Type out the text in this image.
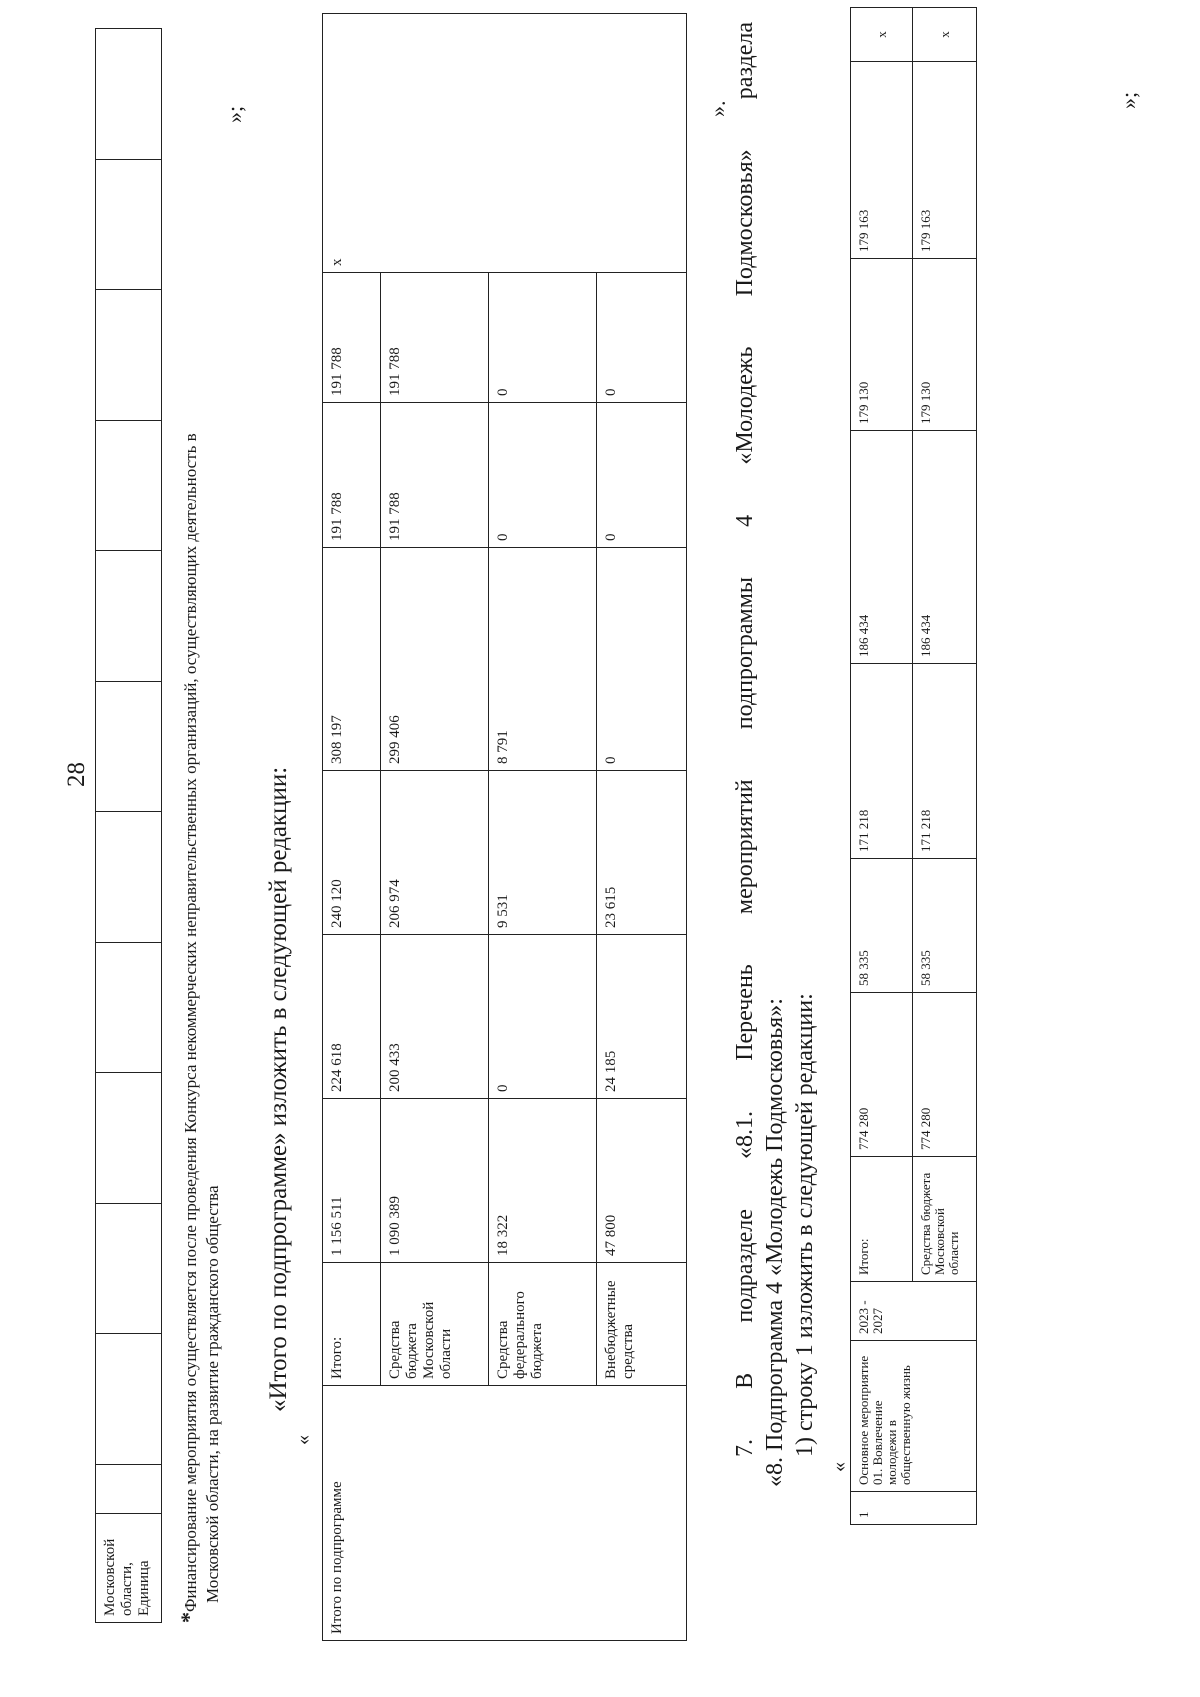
Московской области, Единица												
28
*Финансирование мероприятия осуществляется после проведения Конкурса некоммерческих неправительственных организаций, осуществляющих деятельность в Московской области, на развитие гражданского общества
»;
«Итого по подпрограмме» изложить в следующей редакции:
«
Итого по подпрограмме	Итого:	1 156 511	224 618	240 120	308 197	191 788	191 788	x
	Средства бюджета Московской области	1 090 389	200 433	206 974	299 406	191 788	191 788	
	Средства федерального бюджета	18 322	0	9 531	8 791	0	0	
	Внебюджетные средства	47 800	24 185	23 615	0	0	0	
». 7. В подразделе «8.1. Перечень мероприятий подпрограммы 4 «Молодежь Подмосковья» раздела «8. Подпрограмма 4 «Молодежь Подмосковья»: 1) строку 1 изложить в следующей редакции:
«
1	Основное мероприятие 01. Вовлечение молодежи в общественную жизнь	2023 - 2027	Итого:	774 280	58 335	171 218	186 434	179 130	179 163	x
			Средства бюджета Московской области	774 280	58 335	171 218	186 434	179 130	179 163	x
»;
